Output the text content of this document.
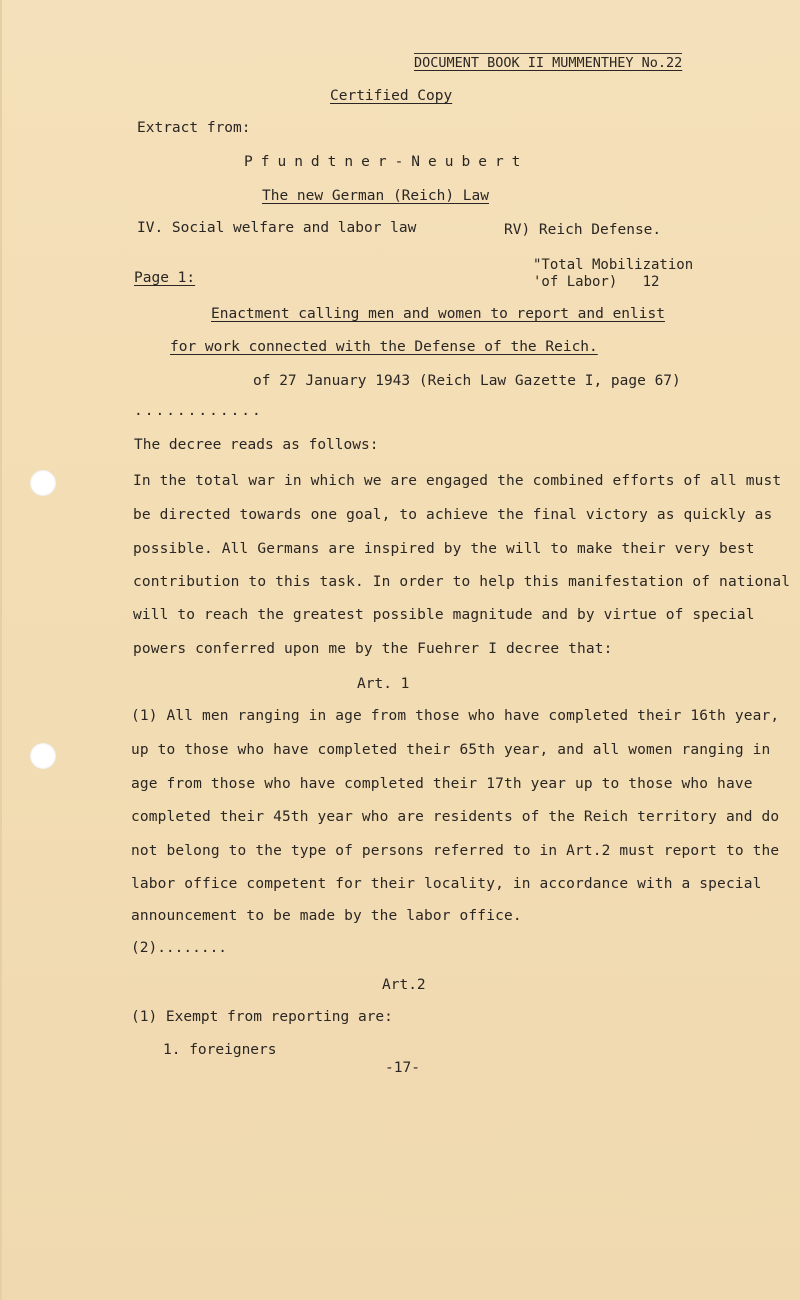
DOCUMENT BOOK II MUMMENTHEY No.22
Certified Copy
Extract from:
Pfundtner-Neubert
The new German (Reich) Law
IV. Social welfare and labor law	RV) Reich Defense.
"Total Mobilization
'of Labor)   12
Page 1:
Enactment calling men and women to report and enlist
for work connected with the Defense of the Reich.
of 27 January 1943 (Reich Law Gazette I, page 67)
............
The decree reads as follows:
In the total war in which we are engaged the combined efforts of all must
be directed towards one goal, to achieve the final victory as quickly as
possible. All Germans are inspired by the will to make their very best
contribution to this task. In order to help this manifestation of national
will to reach the greatest possible magnitude and by virtue of special
powers conferred upon me by the Fuehrer I decree that:
Art. 1
(1) All men ranging in age from those who have completed their 16th year,
up to those who have completed their 65th year, and all women ranging in
age from those who have completed their 17th year up to those who have
completed their 45th year who are residents of the Reich territory and do
not belong to the type of persons referred to in Art.2 must report to the
labor office competent for their locality, in accordance with a special
announcement to be made by the labor office.
(2)........
Art.2
(1) Exempt from reporting are:
1. foreigners
-17-
